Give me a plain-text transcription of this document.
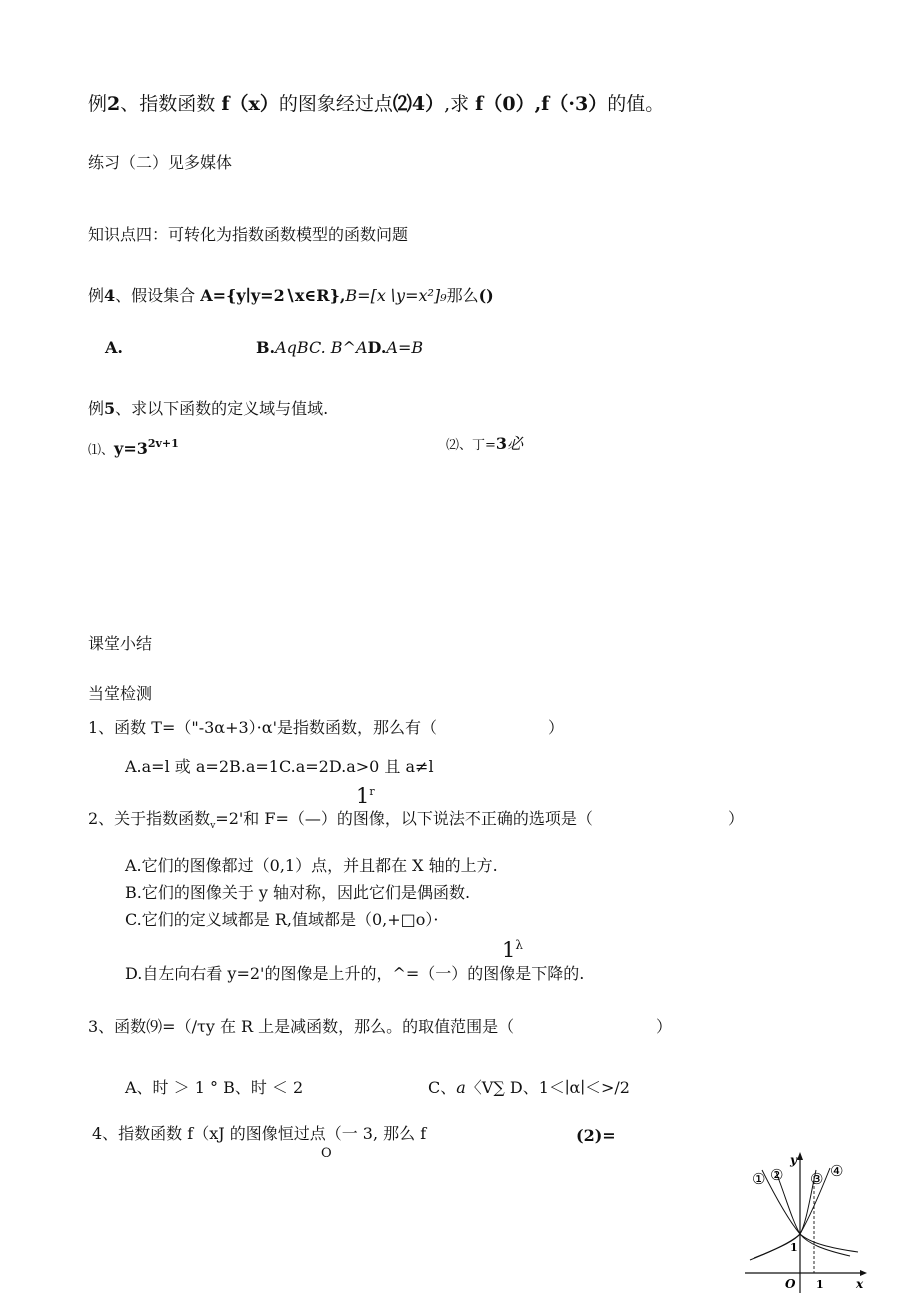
例2、指数函数 f（x）的图象经过点⑵4）,求 f（0）,f（·3）的值。
练习（二）见多媒体
知识点四：可转化为指数函数模型的函数问题
例4、假设集合 A={y∣y=2∖x∈R},B=[x∖y=x²]₉那么()
A.	B.AqBC. B^AD.A=B
例5、求以下函数的定义域与值域.
⑴、$y=3^{2v+1}$	⑵、丁=3必
课堂小结
当堂检测
1、函数 T=（"-3α+3）·α'是指数函数，那么有（	）
A.a=l 或 a=2B.a=1C.a=2D.a>0 且 a≠l
1$^r$
2、关于指数函数$_v$=2'和 F=（—）的图像，以下说法不正确的选项是（	）
A.它们的图像都过（0,1）点，并且都在 X 轴的上方.
B.它们的图像关于 y 轴对称，因此它们是偶函数.
C.它们的定义域都是 R,值域都是（0,+□o）·
$1^\lambda$
D.自左向右看 y=2'的图像是上升的，^=（一）的图像是下降的.
3、函数⑼=（∕τy 在 R 上是减函数，那么。的取值范围是（	）
A、时 ＞ 1 ° B、时 ＜ 2	C、a〈V∑ D、1＜∣α∣＜>/2
4、指数函数 f（xJ 的图像恒过点（一 3, 那么 f
O
(2)=
y
x
O 1
1
① ② ③ ④
